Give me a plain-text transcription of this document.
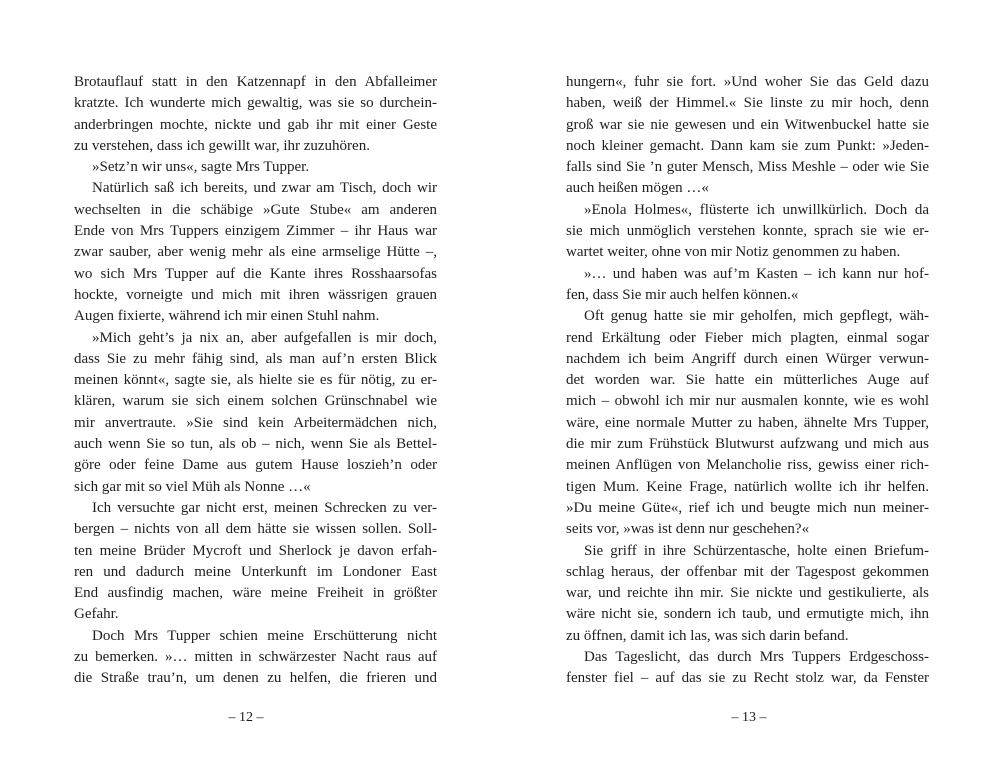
Brotauflauf statt in den Katzennapf in den Abfalleimer
kratzte. Ich wunderte mich gewaltig, was sie so durchein-
anderbringen mochte, nickte und gab ihr mit einer Geste
zu verstehen, dass ich gewillt war, ihr zuzuhören.
»Setz’n wir uns«, sagte Mrs Tupper.
Natürlich saß ich bereits, und zwar am Tisch, doch wir
wechselten in die schäbige »Gute Stube« am anderen
Ende von Mrs Tuppers einzigem Zimmer – ihr Haus war
zwar sauber, aber wenig mehr als eine armselige Hütte –,
wo sich Mrs Tupper auf die Kante ihres Rosshaarsofas
hockte, vorneigte und mich mit ihren wässrigen grauen
Augen fixierte, während ich mir einen Stuhl nahm.
»Mich geht’s ja nix an, aber aufgefallen is mir doch,
dass Sie zu mehr fähig sind, als man auf’n ersten Blick
meinen könnt«, sagte sie, als hielte sie es für nötig, zu er-
klären, warum sie sich einem solchen Grünschnabel wie
mir anvertraute. »Sie sind kein Arbeitermädchen nich,
auch wenn Sie so tun, als ob – nich, wenn Sie als Bettel-
göre oder feine Dame aus gutem Hause loszieh’n oder
sich gar mit so viel Müh als Nonne …«
Ich versuchte gar nicht erst, meinen Schrecken zu ver-
bergen – nichts von all dem hätte sie wissen sollen. Soll-
ten meine Brüder Mycroft und Sherlock je davon erfah-
ren und dadurch meine Unterkunft im Londoner East
End ausfindig machen, wäre meine Freiheit in größter
Gefahr.
Doch Mrs Tupper schien meine Erschütterung nicht
zu bemerken. »… mitten in schwärzester Nacht raus auf
die Straße trau’n, um denen zu helfen, die frieren und
hungern«, fuhr sie fort. »Und woher Sie das Geld dazu
haben, weiß der Himmel.« Sie linste zu mir hoch, denn
groß war sie nie gewesen und ein Witwenbuckel hatte sie
noch kleiner gemacht. Dann kam sie zum Punkt: »Jeden-
falls sind Sie ’n guter Mensch, Miss Meshle – oder wie Sie
auch heißen mögen …«
»Enola Holmes«, flüsterte ich unwillkürlich. Doch da
sie mich unmöglich verstehen konnte, sprach sie wie er-
wartet weiter, ohne von mir Notiz genommen zu haben.
»… und haben was auf’m Kasten – ich kann nur hof-
fen, dass Sie mir auch helfen können.«
Oft genug hatte sie mir geholfen, mich gepflegt, wäh-
rend Erkältung oder Fieber mich plagten, einmal sogar
nachdem ich beim Angriff durch einen Würger verwun-
det worden war. Sie hatte ein mütterliches Auge auf
mich – obwohl ich mir nur ausmalen konnte, wie es wohl
wäre, eine normale Mutter zu haben, ähnelte Mrs Tupper,
die mir zum Frühstück Blutwurst aufzwang und mich aus
meinen Anflügen von Melancholie riss, gewiss einer rich-
tigen Mum. Keine Frage, natürlich wollte ich ihr helfen.
»Du meine Güte«, rief ich und beugte mich nun meiner-
seits vor, »was ist denn nur geschehen?«
Sie griff in ihre Schürzentasche, holte einen Briefum-
schlag heraus, der offenbar mit der Tagespost gekommen
war, und reichte ihn mir. Sie nickte und gestikulierte, als
wäre nicht sie, sondern ich taub, und ermutigte mich, ihn
zu öffnen, damit ich las, was sich darin befand.
Das Tageslicht, das durch Mrs Tuppers Erdgeschoss-
fenster fiel – auf das sie zu Recht stolz war, da Fenster
– 12 –	– 13 –
